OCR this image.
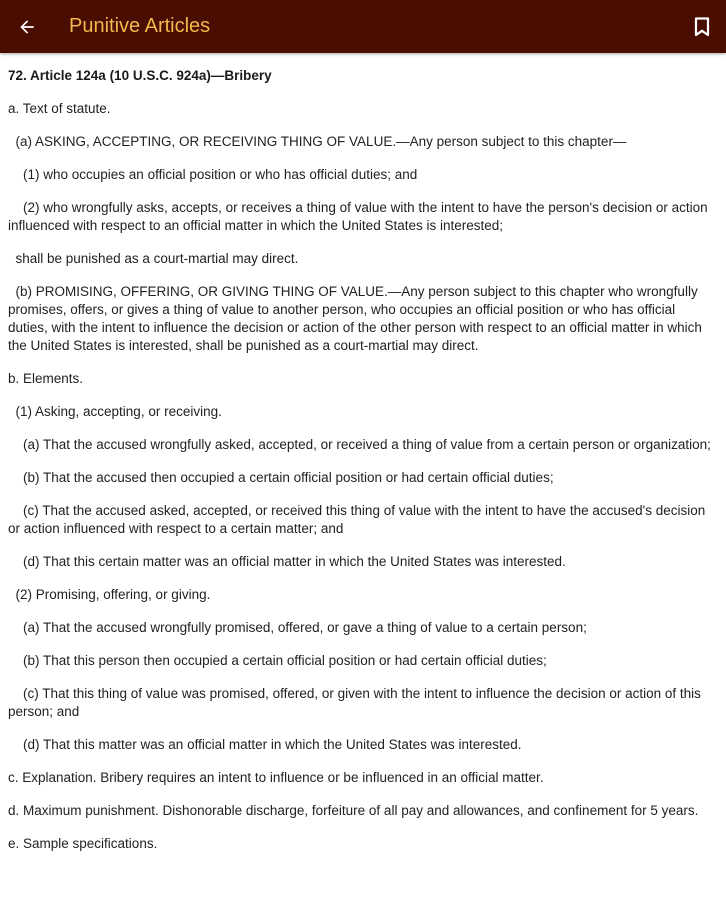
Punitive Articles
72. Article 124a (10 U.S.C. 924a)—Bribery

a. Text of statute.

(a) ASKING, ACCEPTING, OR RECEIVING THING OF VALUE.—Any person subject to this chapter—

(1) who occupies an official position or who has official duties; and

(2) who wrongfully asks, accepts, or receives a thing of value with the intent to have the person's decision or action influenced with respect to an official matter in which the United States is interested;

shall be punished as a court-martial may direct.

(b) PROMISING, OFFERING, OR GIVING THING OF VALUE.—Any person subject to this chapter who wrongfully promises, offers, or gives a thing of value to another person, who occupies an official position or who has official duties, with the intent to influence the decision or action of the other person with respect to an official matter in which the United States is interested, shall be punished as a court-martial may direct.

b. Elements.

(1) Asking, accepting, or receiving.

(a) That the accused wrongfully asked, accepted, or received a thing of value from a certain person or organization;

(b) That the accused then occupied a certain official position or had certain official duties;

(c) That the accused asked, accepted, or received this thing of value with the intent to have the accused's decision or action influenced with respect to a certain matter; and

(d) That this certain matter was an official matter in which the United States was interested.

(2) Promising, offering, or giving.

(a) That the accused wrongfully promised, offered, or gave a thing of value to a certain person;

(b) That this person then occupied a certain official position or had certain official duties;

(c) That this thing of value was promised, offered, or given with the intent to influence the decision or action of this person; and

(d) That this matter was an official matter in which the United States was interested.

c. Explanation. Bribery requires an intent to influence or be influenced in an official matter.

d. Maximum punishment. Dishonorable discharge, forfeiture of all pay and allowances, and confinement for 5 years.

e. Sample specifications.
